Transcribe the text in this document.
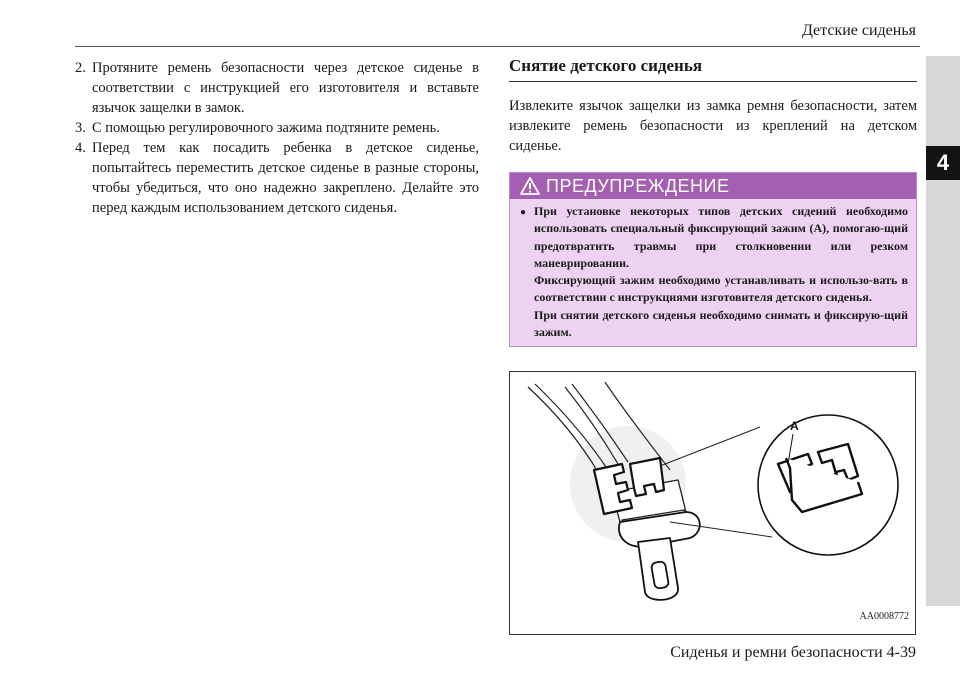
Детские сиденья
4
2. Протяните ремень безопасности через детское сиденье в соответствии с инструкцией его изготовителя и вставьте язычок защелки в замок.
3. С помощью регулировочного зажима подтяните ремень.
4. Перед тем как посадить ребенка в детское сиденье, попытайтесь переместить детское сиденье в разные стороны, чтобы убедиться, что оно надежно закреплено. Делайте это перед каждым использованием детского сиденья.
Снятие детского сиденья
Извлеките язычок защелки из замка ремня безопасности, затем извлеките ремень безопасности из креплений на детском сиденье.
ПРЕДУПРЕЖДЕНИЕ
● При установке некоторых типов детских сидений необходимо использовать специальный фиксирующий зажим (А), помогаю-щий предотвратить травмы при столкновении или резком маневрировании.
Фиксирующий зажим необходимо устанавливать и использо-вать в соответствии с инструкциями изготовителя детского сиденья.
При снятии детского сиденья необходимо снимать и фиксирую-щий зажим.
A
AA0008772
Сиденья и ремни безопасности 4-39
